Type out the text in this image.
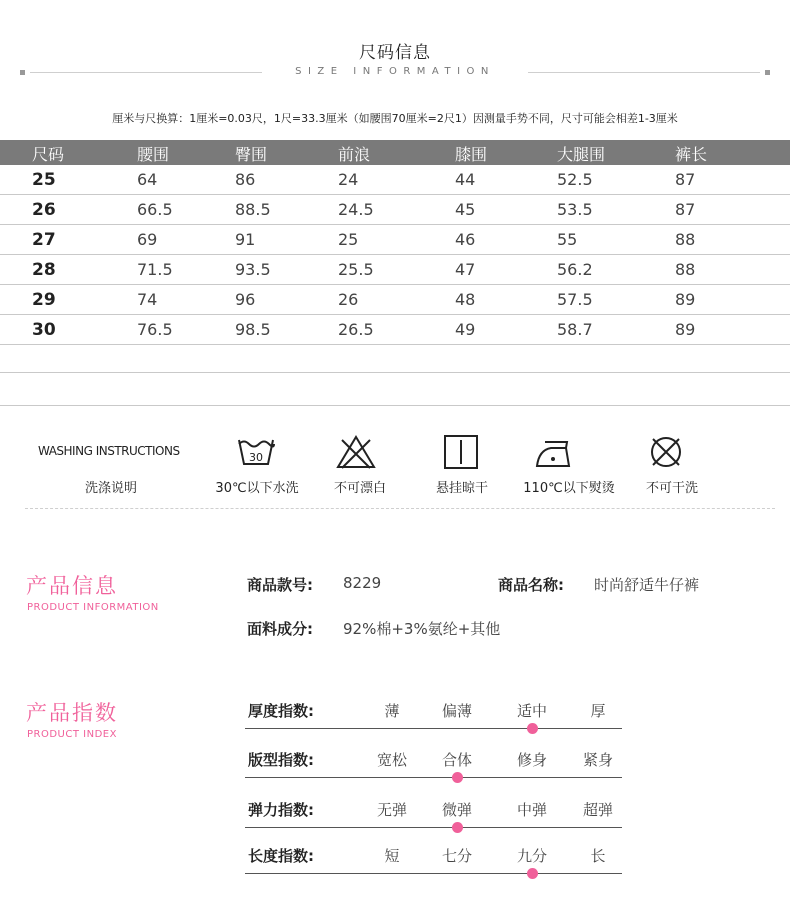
尺码信息
SIZE INFORMATION
厘米与尺换算：1厘米=0.03尺，1尺=33.3厘米（如腰围70厘米=2尺1）因测量手势不同，尺寸可能会相差1-3厘米
尺码	腰围	臀围	前浪	膝围	大腿围	裤长
25	64	86	24	44	52.5	87
26	66.5	88.5	24.5	45	53.5	87
27	69	91	25	46	55	88
28	71.5	93.5	25.5	47	56.2	88
29	74	96	26	48	57.5	89
30	76.5	98.5	26.5	49	58.7	89
WASHING INSTRUCTIONS
洗涤说明
30
30℃以下水洗	不可漂白	悬挂晾干	110℃以下熨烫	不可干洗
产品信息
PRODUCT INFORMATION
商品款号: 8229	商品名称: 时尚舒适牛仔裤
面料成分: 92%棉+3%氨纶+其他
产品指数
PRODUCT INDEX
厚度指数:	薄	偏薄	适中	厚
版型指数:	宽松	合体	修身	紧身
弹力指数:	无弹	微弹	中弹	超弹
长度指数:	短	七分	九分	长
